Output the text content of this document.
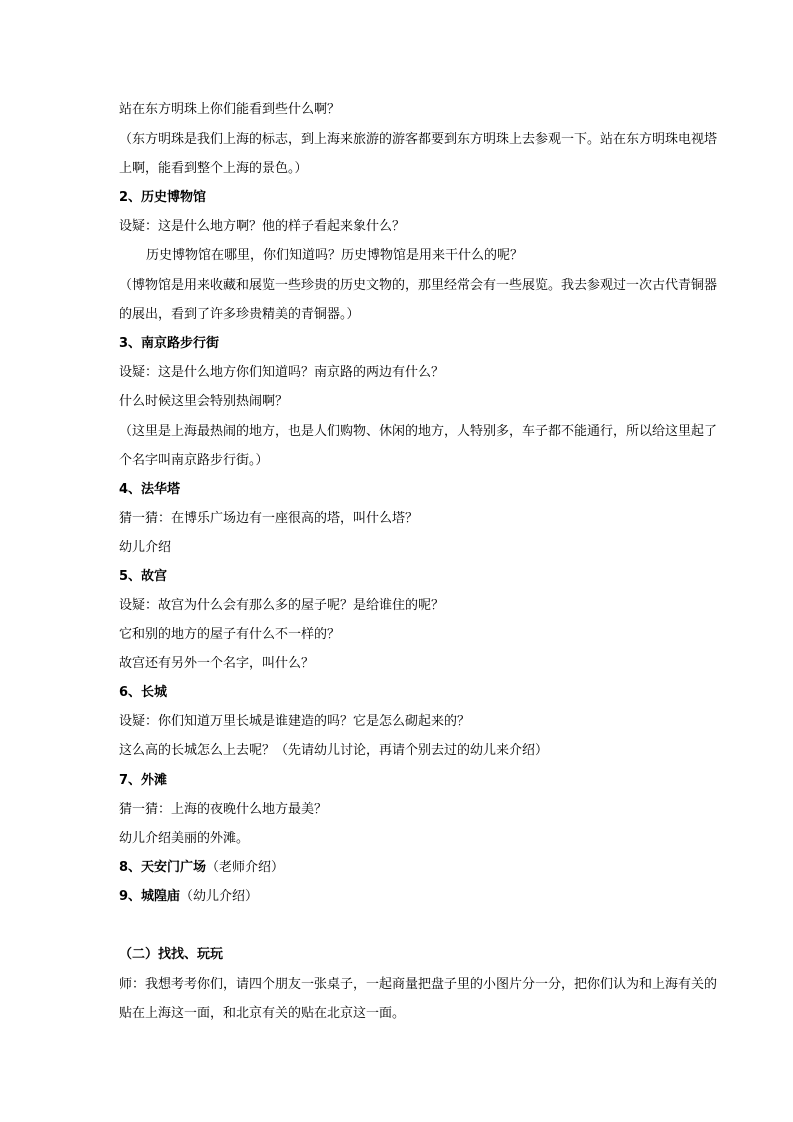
站在东方明珠上你们能看到些什么啊？
（东方明珠是我们上海的标志，到上海来旅游的游客都要到东方明珠上去参观一下。站在东方明珠电视塔
上啊，能看到整个上海的景色。）
2、历史博物馆
设疑：这是什么地方啊？他的样子看起来象什么？
历史博物馆在哪里，你们知道吗？历史博物馆是用来干什么的呢？
（博物馆是用来收藏和展览一些珍贵的历史文物的，那里经常会有一些展览。我去参观过一次古代青铜器
的展出，看到了许多珍贵精美的青铜器。）
3、南京路步行街
设疑：这是什么地方你们知道吗？南京路的两边有什么？
什么时候这里会特别热闹啊？
（这里是上海最热闹的地方，也是人们购物、休闲的地方，人特别多，车子都不能通行，所以给这里起了
个名字叫南京路步行街。）
4、法华塔
猜一猜：在博乐广场边有一座很高的塔，叫什么塔？
幼儿介绍
5、故宫
设疑：故宫为什么会有那么多的屋子呢？是给谁住的呢？
它和别的地方的屋子有什么不一样的？
故宫还有另外一个名字，叫什么？
6、长城
设疑：你们知道万里长城是谁建造的吗？它是怎么砌起来的？
这么高的长城怎么上去呢？（先请幼儿讨论，再请个别去过的幼儿来介绍）
7、外滩
猜一猜：上海的夜晚什么地方最美？
幼儿介绍美丽的外滩。
8、天安门广场（老师介绍）
9、城隍庙（幼儿介绍）
（二）找找、玩玩
师：我想考考你们，请四个朋友一张桌子，一起商量把盘子里的小图片分一分，把你们认为和上海有关的
贴在上海这一面，和北京有关的贴在北京这一面。
